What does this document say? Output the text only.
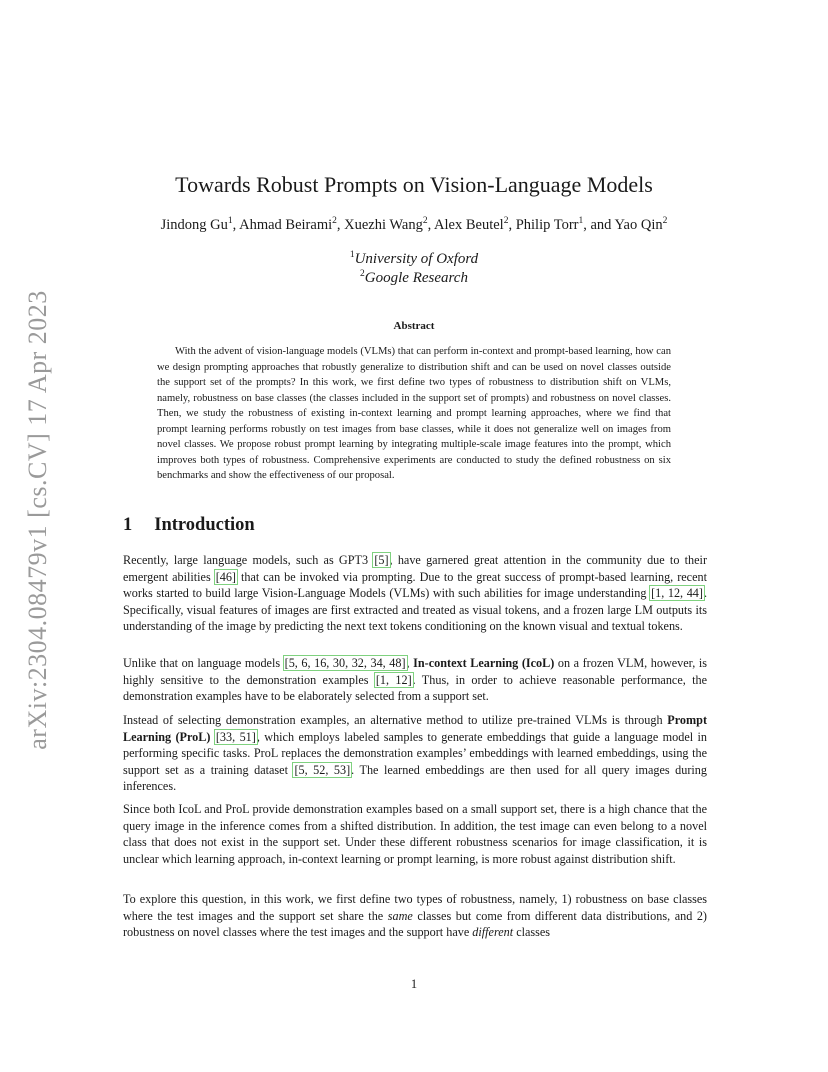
arXiv:2304.08479v1 [cs.CV] 17 Apr 2023
Towards Robust Prompts on Vision-Language Models
Jindong Gu$^1$, Ahmad Beirami$^2$, Xuezhi Wang$^2$, Alex Beutel$^2$, Philip Torr$^1$, and Yao Qin$^2$
$^1$University of Oxford
$^2$Google Research
Abstract

With the advent of vision-language models (VLMs) that can perform in-context and prompt-based learning, how can we design prompting approaches that robustly generalize to distribution shift and can be used on novel classes outside the support set of the prompts? In this work, we first define two types of robustness to distribution shift on VLMs, namely, robustness on base classes (the classes included in the support set of prompts) and robustness on novel classes. Then, we study the robustness of existing in-context learning and prompt learning approaches, where we find that prompt learning performs robustly on test images from base classes, while it does not generalize well on images from novel classes. We propose robust prompt learning by integrating multiple-scale image features into the prompt, which improves both types of robustness. Comprehensive experiments are conducted to study the defined robustness on six benchmarks and show the effectiveness of our proposal.

1 Introduction

Recently, large language models, such as GPT3 [5], have garnered great attention in the community due to their emergent abilities [46] that can be invoked via prompting. Due to the great success of prompt-based learning, recent works started to build large Vision-Language Models (VLMs) with such abilities for image understanding [1, 12, 44]. Specifically, visual features of images are first extracted and treated as visual tokens, and a frozen large LM outputs its understanding of the image by predicting the next text tokens conditioning on the known visual and textual tokens.

Unlike that on language models [5, 6, 16, 30, 32, 34, 48], In-context Learning (IcoL) on a frozen VLM, however, is highly sensitive to the demonstration examples [1, 12]. Thus, in order to achieve reasonable performance, the demonstration examples have to be elaborately selected from a support set.

Instead of selecting demonstration examples, an alternative method to utilize pre-trained VLMs is through Prompt Learning (ProL) [33, 51], which employs labeled samples to generate embeddings that guide a language model in performing specific tasks. ProL replaces the demonstration examples’ embeddings with learned embeddings, using the support set as a training dataset [5, 52, 53]. The learned embeddings are then used for all query images during inferences.

Since both IcoL and ProL provide demonstration examples based on a small support set, there is a high chance that the query image in the inference comes from a shifted distribution. In addition, the test image can even belong to a novel class that does not exist in the support set. Under these different robustness scenarios for image classification, it is unclear which learning approach, in-context learning or prompt learning, is more robust against distribution shift.

To explore this question, in this work, we first define two types of robustness, namely, 1) robustness on base classes where the test images and the support set share the same classes but come from different data distributions, and 2) robustness on novel classes where the test images and the support have different classes

1
